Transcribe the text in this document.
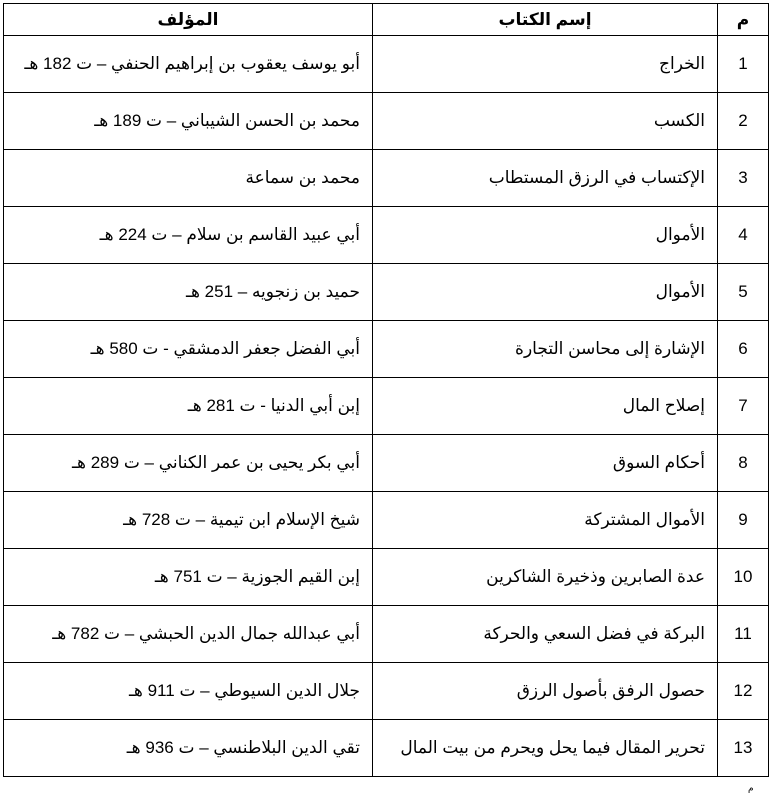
م	إسم الكتاب	المؤلف
1	الخراج	أبو يوسف يعقوب بن إبراهيم الحنفي – ت 182 هـ
2	الكسب	محمد بن الحسن الشيباني – ت 189 هـ
3	الإكتساب في الرزق المستطاب	محمد بن سماعة
4	الأموال	أبي عبيد القاسم بن سلام – ت 224 هـ
5	الأموال	حميد بن زنجويه – 251 هـ
6	الإشارة إلى محاسن التجارة	أبي الفضل جعفر الدمشقي - ت 580 هـ
7	إصلاح المال	إبن أبي الدنيا - ت 281 هـ
8	أحكام السوق	أبي بكر يحيى بن عمر الكناني – ت 289 هـ
9	الأموال المشتركة	شيخ الإسلام ابن تيمية – ت 728 هـ
10	عدة الصابرين وذخيرة الشاكرين	إبن القيم الجوزية – ت 751 هـ
11	البركة في فضل السعي والحركة	أبي عبدالله جمال الدين الحبشي – ت 782 هـ
12	حصول الرفق بأصول الرزق	جلال الدين السيوطي – ت 911 هـ
13	تحرير المقال فيما يحل ويحرم من بيت المال	تقي الدين البلاطنسي – ت 936 هـ
م
